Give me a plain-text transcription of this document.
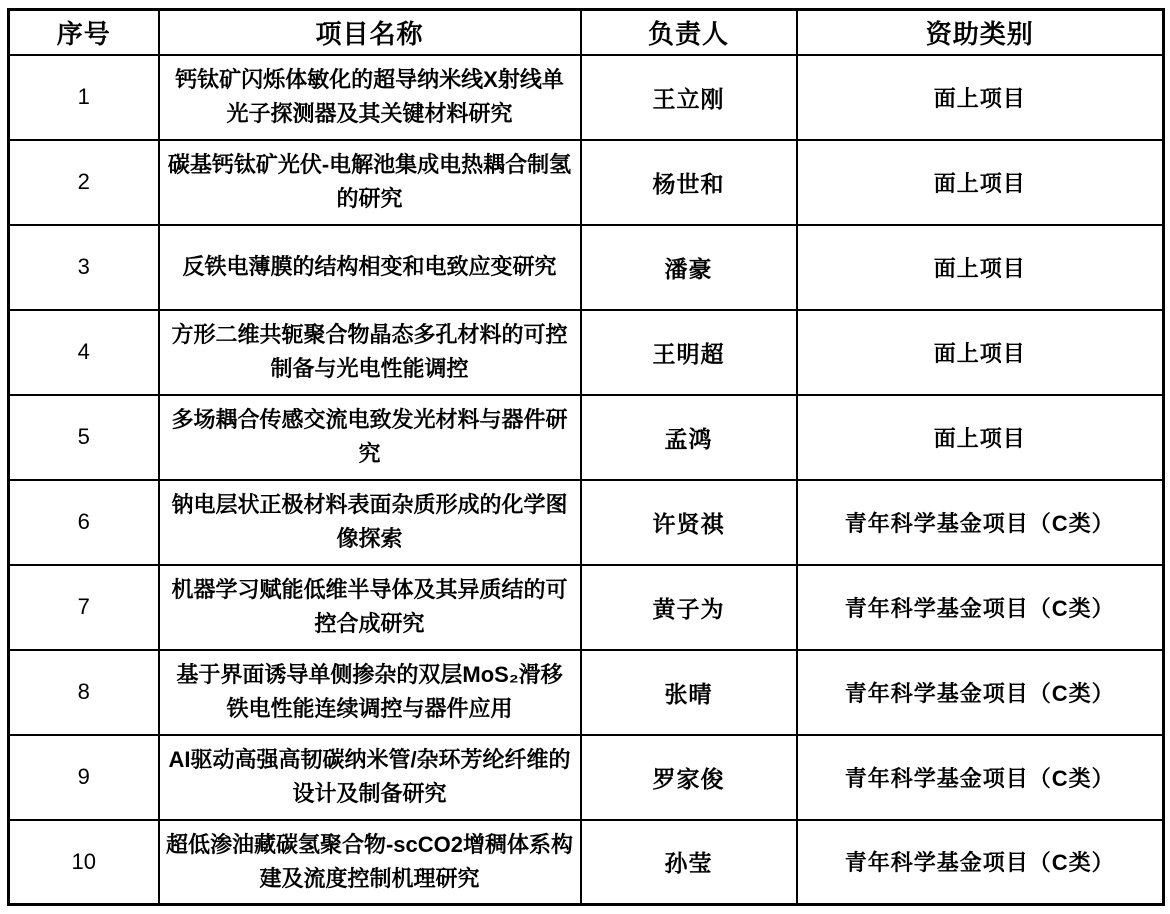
序号	项目名称	负责人	资助类别
1	钙钛矿闪烁体敏化的超导纳米线X射线单光子探测器及其关键材料研究	王立刚	面上项目
2	碳基钙钛矿光伏-电解池集成电热耦合制氢的研究	杨世和	面上项目
3	反铁电薄膜的结构相变和电致应变研究	潘豪	面上项目
4	方形二维共轭聚合物晶态多孔材料的可控制备与光电性能调控	王明超	面上项目
5	多场耦合传感交流电致发光材料与器件研究	孟鸿	面上项目
6	钠电层状正极材料表面杂质形成的化学图像探索	许贤祺	青年科学基金项目（C类）
7	机器学习赋能低维半导体及其异质结的可控合成研究	黄子为	青年科学基金项目（C类）
8	基于界面诱导单侧掺杂的双层MoS₂滑移铁电性能连续调控与器件应用	张晴	青年科学基金项目（C类）
9	AI驱动高强高韧碳纳米管/杂环芳纶纤维的设计及制备研究	罗家俊	青年科学基金项目（C类）
10	超低渗油藏碳氢聚合物-scCO2增稠体系构建及流度控制机理研究	孙莹	青年科学基金项目（C类）
